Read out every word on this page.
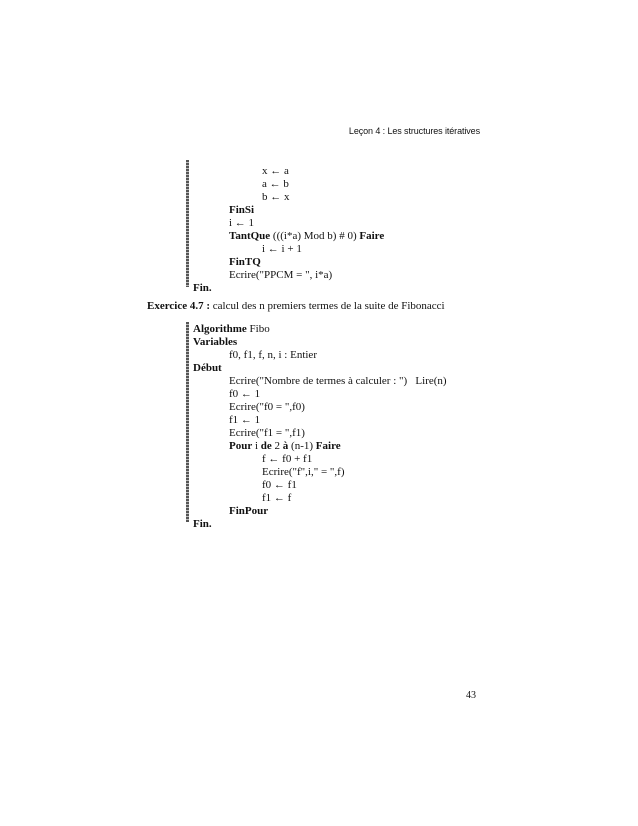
Leçon 4 : Les structures itératives
x ← a
a ← b
b ← x
FinSi
i ← 1
TantQue (((i*a) Mod b) # 0) Faire
i ← i + 1
FinTQ
Ecrire("PPCM = ", i*a)
Fin.
Exercice 4.7 : calcul des n premiers termes de la suite de Fibonacci
Algorithme Fibo
Variables
f0, f1, f, n, i : Entier
Début
Ecrire("Nombre de termes à calculer : ")   Lire(n)
f0 ← 1
Ecrire("f0 = ",f0)
f1 ← 1
Ecrire("f1 = ",f1)
Pour i de 2 à (n-1) Faire
f ← f0 + f1
Ecrire("f",i," = ",f)
f0 ← f1
f1 ← f
FinPour
Fin.
43
